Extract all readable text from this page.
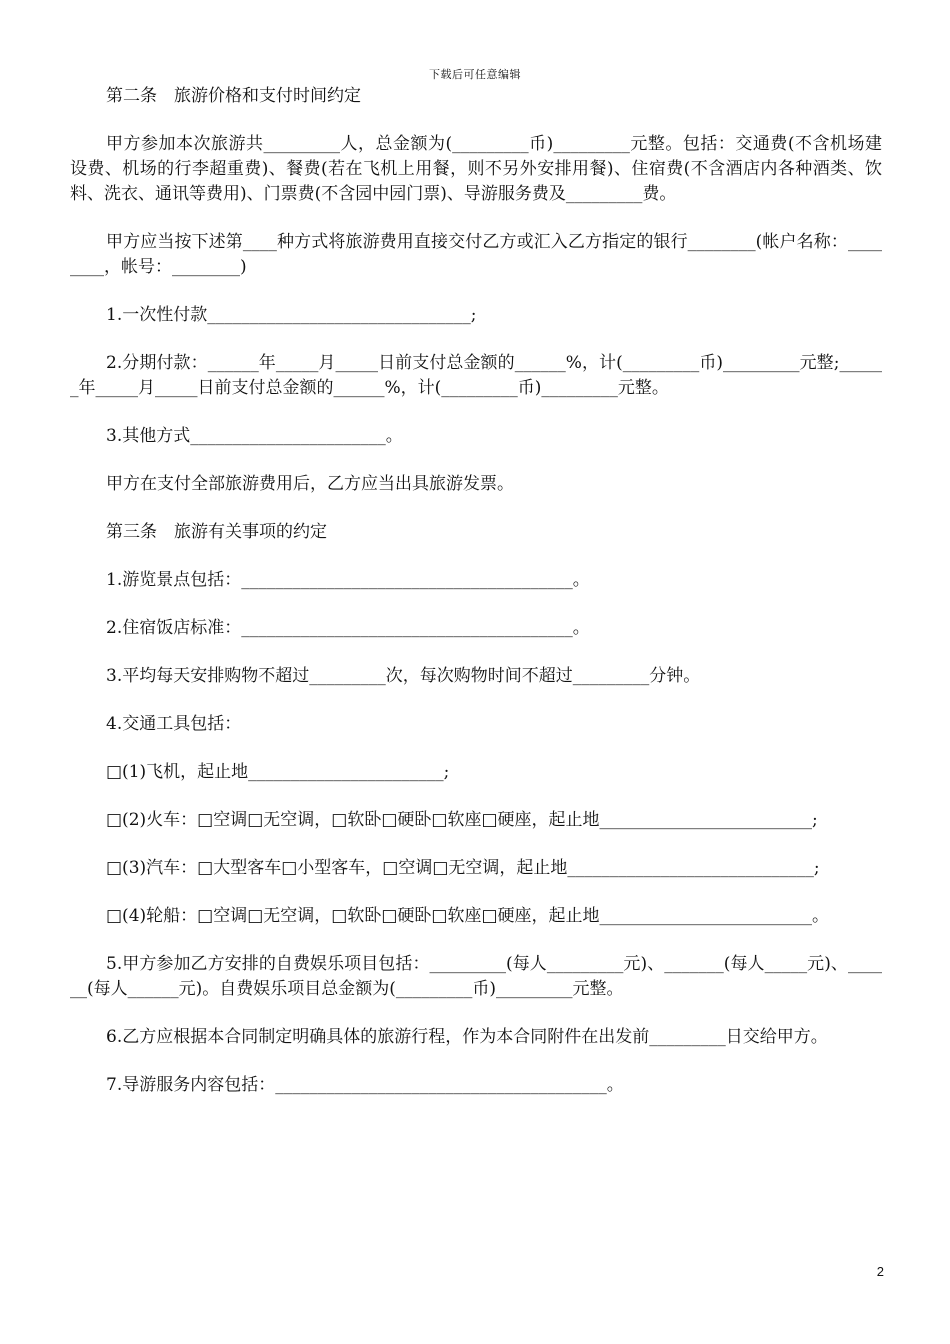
下载后可任意编辑

第二条　旅游价格和支付时间约定

甲方参加本次旅游共_________人，总金额为(_________币)_________元整。包括：交通费(不含机场建设费、机场的行李超重费)、餐费(若在飞机上用餐，则不另外安排用餐)、住宿费(不含酒店内各种酒类、饮料、洗衣、通讯等费用)、门票费(不含园中园门票)、导游服务费及_________费。

甲方应当按下述第____种方式将旅游费用直接交付乙方或汇入乙方指定的银行________(帐户名称：________，帐号：________)

1.一次性付款_______________________________;

2.分期付款：______年_____月_____日前支付总金额的______%，计(_________币)_________元整;______年_____月_____日前支付总金额的______%，计(_________币)_________元整。

3.其他方式_______________________。

甲方在支付全部旅游费用后，乙方应当出具旅游发票。

第三条　旅游有关事项的约定

1.游览景点包括：_______________________________________。

2.住宿饭店标准：_______________________________________。

3.平均每天安排购物不超过_________次，每次购物时间不超过_________分钟。

4.交通工具包括：

□(1)飞机，起止地_______________________;

□(2)火车：□空调□无空调，□软卧□硬卧□软座□硬座，起止地_________________________;

□(3)汽车：□大型客车□小型客车，□空调□无空调，起止地_____________________________;

□(4)轮船：□空调□无空调，□软卧□硬卧□软座□硬座，起止地_________________________。

5.甲方参加乙方安排的自费娱乐项目包括：_________(每人_________元)、_______(每人_____元)、______(每人______元)。自费娱乐项目总金额为(_________币)_________元整。

6.乙方应根据本合同制定明确具体的旅游行程，作为本合同附件在出发前_________日交给甲方。

7.导游服务内容包括：_______________________________________。

2
